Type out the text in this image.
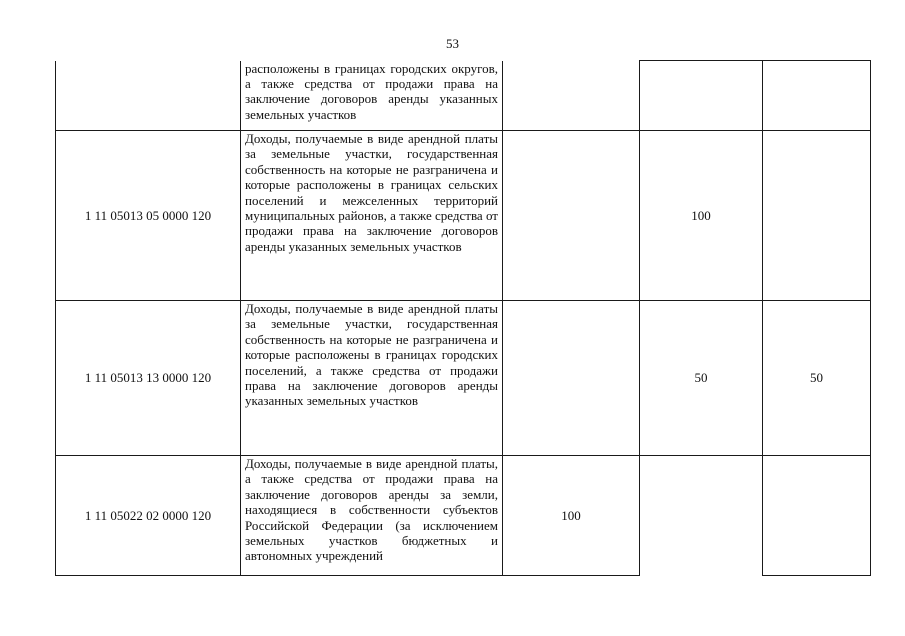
53
	расположены в границах городских округов, а также средства от продажи права на заключение договоров аренды указанных земельных участков			
1 11 05013 05 0000 120	Доходы, получаемые в виде арендной платы за земельные участки, государственная собственность на которые не разграничена и которые расположены в границах сельских поселений и межселенных территорий муниципальных районов, а также средства от продажи права на заключение договоров аренды указанных земельных участков		100	
1 11 05013 13 0000 120	Доходы, получаемые в виде арендной платы за земельные участки, государственная собственность на которые не разграничена и которые расположены в границах городских поселений, а также средства от продажи права на заключение договоров аренды указанных земельных участков		50	50
1 11 05022 02 0000 120	Доходы, получаемые в виде арендной платы, а также средства от продажи права на заключение договоров аренды за земли, находящиеся в собственности субъектов Российской Федерации (за исключением земельных участков бюджетных и автономных учреждений	100		
